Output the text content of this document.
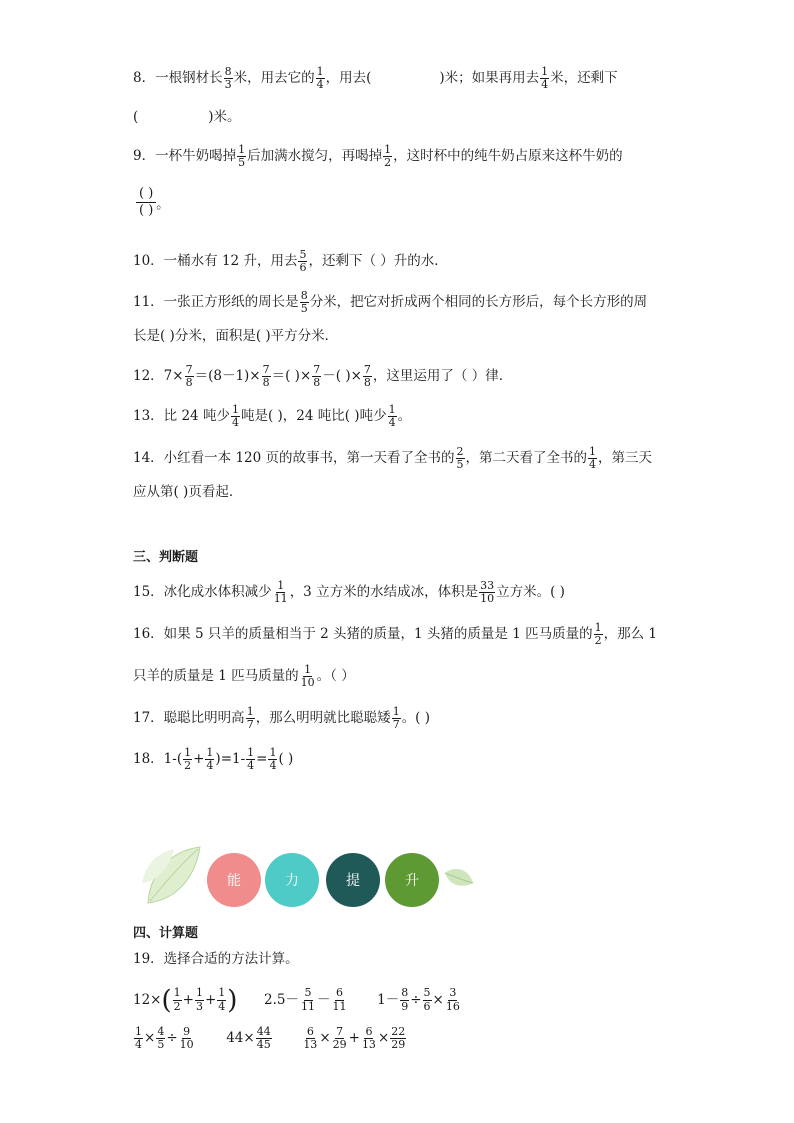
8．一根钢材长 $\frac{8}{3}$ 米，用去它的 $\frac{1}{4}$ ，用去(	)米；如果再用去 $\frac{1}{4}$ 米，还剩下
(	)米。
9．一杯牛奶喝掉 $\frac{1}{5}$ 后加满水搅匀，再喝掉 $\frac{1}{2}$ ，这时杯中的纯牛奶占原来这杯牛奶的
( )
( ) 。
10．一桶水有 12 升，用去 $\frac{5}{6}$ ，还剩下（ ）升的水．
11．一张正方形纸的周长是 $\frac{8}{5}$ 分米，把它对折成两个相同的长方形后，每个长方形的周
长是( )分米，面积是( )平方分米．
12．$7\times \frac{7}{8} =(8-1)\times \frac{7}{8}$ ＝( )× $\frac{7}{8}$ －( )× $\frac{7}{8}$ ，这里运用了（ ）律．
13．比 24 吨少 $\frac{1}{4}$ 吨是( )，24 吨比( )吨少 $\frac{1}{4}$ 。
14．小红看一本 120 页的故事书，第一天看了全书的 $\frac{2}{5}$ ，第二天看了全书的 $\frac{1}{4}$ ，第三天
应从第( )页看起．
三、判断题
15．冰化成水体积减少 $\frac{1}{11}$ ，3 立方米的水结成冰，体积是 $\frac{33}{10}$ 立方米。( )
16．如果 5 只羊的质量相当于 2 头猪的质量，1 头猪的质量是 1 匹马质量的 $\frac{1}{2}$ ，那么 1
只羊的质量是 1 匹马质量的 $\frac{1}{10}$ 。（ ）
17．聪聪比明明高 $\frac{1}{7}$ ，那么明明就比聪聪矮 $\frac{1}{7}$ 。( )
18．$1-( \frac{1}{2} + \frac{1}{4} )=1- \frac{1}{4} = \frac{1}{4}$ ( )
能	力	提	升
四、计算题
19．选择合适的方法计算。
$12\times( \frac{1}{2} + \frac{1}{3} + \frac{1}{4}$ ) $2.5- \frac{5}{11} - \frac{6}{11} 1- \frac{8}{9} \div \frac{5}{6} \times \frac{3}{16}$
$\frac{1}{4} \times \frac{4}{5} \div \frac{9}{10} 44\times \frac{44}{45}$
	$\frac{6}{13} \times \frac{7}{29} + \frac{6}{13} \times \frac{22}{29}$
